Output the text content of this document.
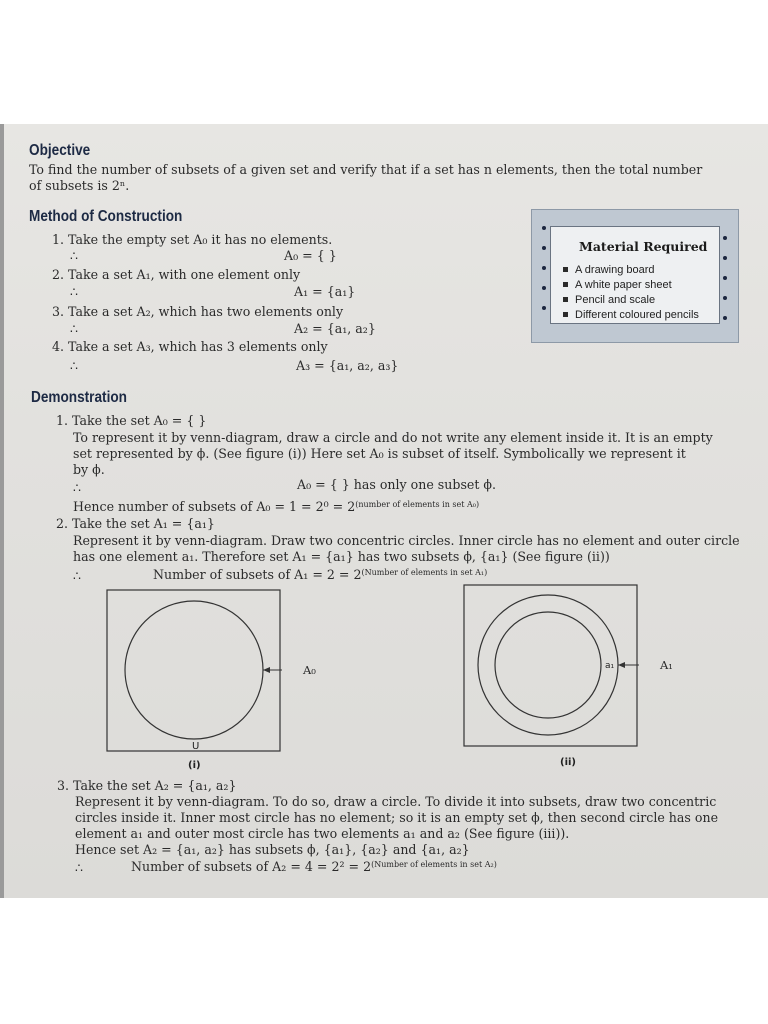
Objective
To find the number of subsets of a given set and verify that if a set has n elements, then the total number
of subsets is 2ⁿ.
Method of Construction
1. Take the empty set A₀ it has no elements.
∴	A₀ = { }
2. Take a set A₁, with one element only
∴	A₁ = {a₁}
3. Take a set A₂, which has two elements only
∴	A₂ = {a₁, a₂}
4. Take a set A₃, which has 3 elements only
∴	A₃ = {a₁, a₂, a₃}
Demonstration
1. Take the set A₀ = { }
To represent it by venn-diagram, draw a circle and do not write any element inside it. It is an empty
set represented by ϕ. (See figure (i)) Here set A₀ is subset of itself. Symbolically we represent it
by ϕ.
∴	A₀ = { } has only one subset ϕ.
Hence number of subsets of $A_0 = 1 = 2^0 = 2^{(number of elements in set A_0)}$
2. Take the set A₁ = {a₁}
Represent it by venn-diagram. Draw two concentric circles. Inner circle has no element and outer circle
has one element a₁. Therefore set A₁ = {a₁} has two subsets ϕ, {a₁} (See figure (ii))
∴	Number of subsets of $A_1 = 2 = 2^{(Number of elements in set A_1)}$
U
(i)
A₀	a₁
(ii)
A₁
3. Take the set A₂ = {a₁, a₂}
Represent it by venn-diagram. To do so, draw a circle. To divide it into subsets, draw two concentric
circles inside it. Inner most circle has no element; so it is an empty set ϕ, then second circle has one
element a₁ and outer most circle has two elements a₁ and a₂ (See figure (iii)).
Hence set A₂ = {a₁, a₂} has subsets ϕ, {a₁}, {a₂} and {a₁, a₂}
∴	Number of subsets of $A_2 = 4 = 2^2 = 2^{(Number of elements in set A_2)}$
Material Required
A drawing board
A white paper sheet
Pencil and scale
Different coloured pencils
